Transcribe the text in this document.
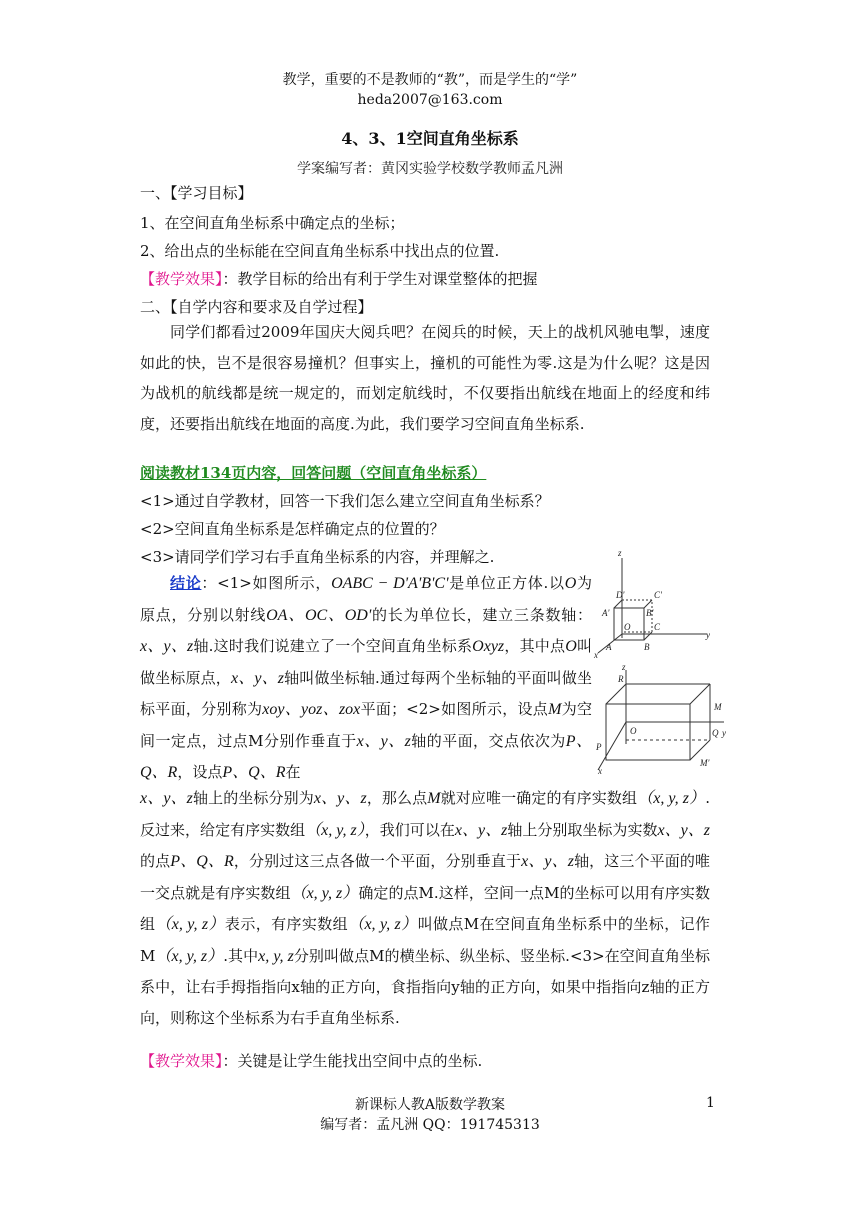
教学，重要的不是教师的“教”，而是学生的“学”
heda2007@163.com
4、3、1空间直角坐标系
学案编写者：黄冈实验学校数学教师孟凡洲
一、【学习目标】
1、在空间直角坐标系中确定点的坐标；
2、给出点的坐标能在空间直角坐标系中找出点的位置.
【教学效果】：教学目标的给出有利于学生对课堂整体的把握
二、【自学内容和要求及自学过程】

同学们都看过2009年国庆大阅兵吧？在阅兵的时候，天上的战机风驰电掣，速度如此的快，岂不是很容易撞机？但事实上，撞机的可能性为零.这是为什么呢？这是因为战机的航线都是统一规定的，而划定航线时，不仅要指出航线在地面上的经度和纬度，还要指出航线在地面的高度.为此，我们要学习空间直角坐标系.

阅读教材134页内容，回答问题（空间直角坐标系）
<1>通过自学教材，回答一下我们怎么建立空间直角坐标系？
<2>空间直角坐标系是怎样确定点的位置的？
<3>请同学们学习右手直角坐标系的内容，并理解之.	z
D'	C'
A'	B'
O	C
y
A	B
x
z
R
M
O	Q y
P
x
M'

结论：<1>如图所示，OABC − D'A'B'C'是单位正方体.以O为原点，分别以射线OA、OC、OD'的长为单位长，建立三条数轴：x、y、z轴.这时我们说建立了一个空间直角坐标系Oxyz，其中点O叫做坐标原点，x、y、z轴叫做坐标轴.通过每两个坐标轴的平面叫做坐标平面，分别称为xoy、yoz、zox平面；<2>如图所示，设点M为空间一定点，过点M分别作垂直于x、y、z轴的平面，交点依次为P、Q、R，设点P、Q、R在

x、y、z轴上的坐标分别为x、y、z，那么点M就对应唯一确定的有序实数组（x, y, z）.反过来，给定有序实数组（x, y, z），我们可以在x、y、z轴上分别取坐标为实数x、y、z的点P、Q、R，分别过这三点各做一个平面，分别垂直于x、y、z轴，这三个平面的唯一交点就是有序实数组（x, y, z）确定的点M.这样，空间一点M的坐标可以用有序实数组（x, y, z）表示，有序实数组（x, y, z）叫做点M在空间直角坐标系中的坐标，记作M（x, y, z）.其中x, y, z分别叫做点M的横坐标、纵坐标、竖坐标.<3>在空间直角坐标系中，让右手拇指指向x轴的正方向，食指指向y轴的正方向，如果中指指向z轴的正方向，则称这个坐标系为右手直角坐标系.

【教学效果】：关键是让学生能找出空间中点的坐标.
新课标人教A版数学教案	1
编写者：孟凡洲 QQ：191745313
